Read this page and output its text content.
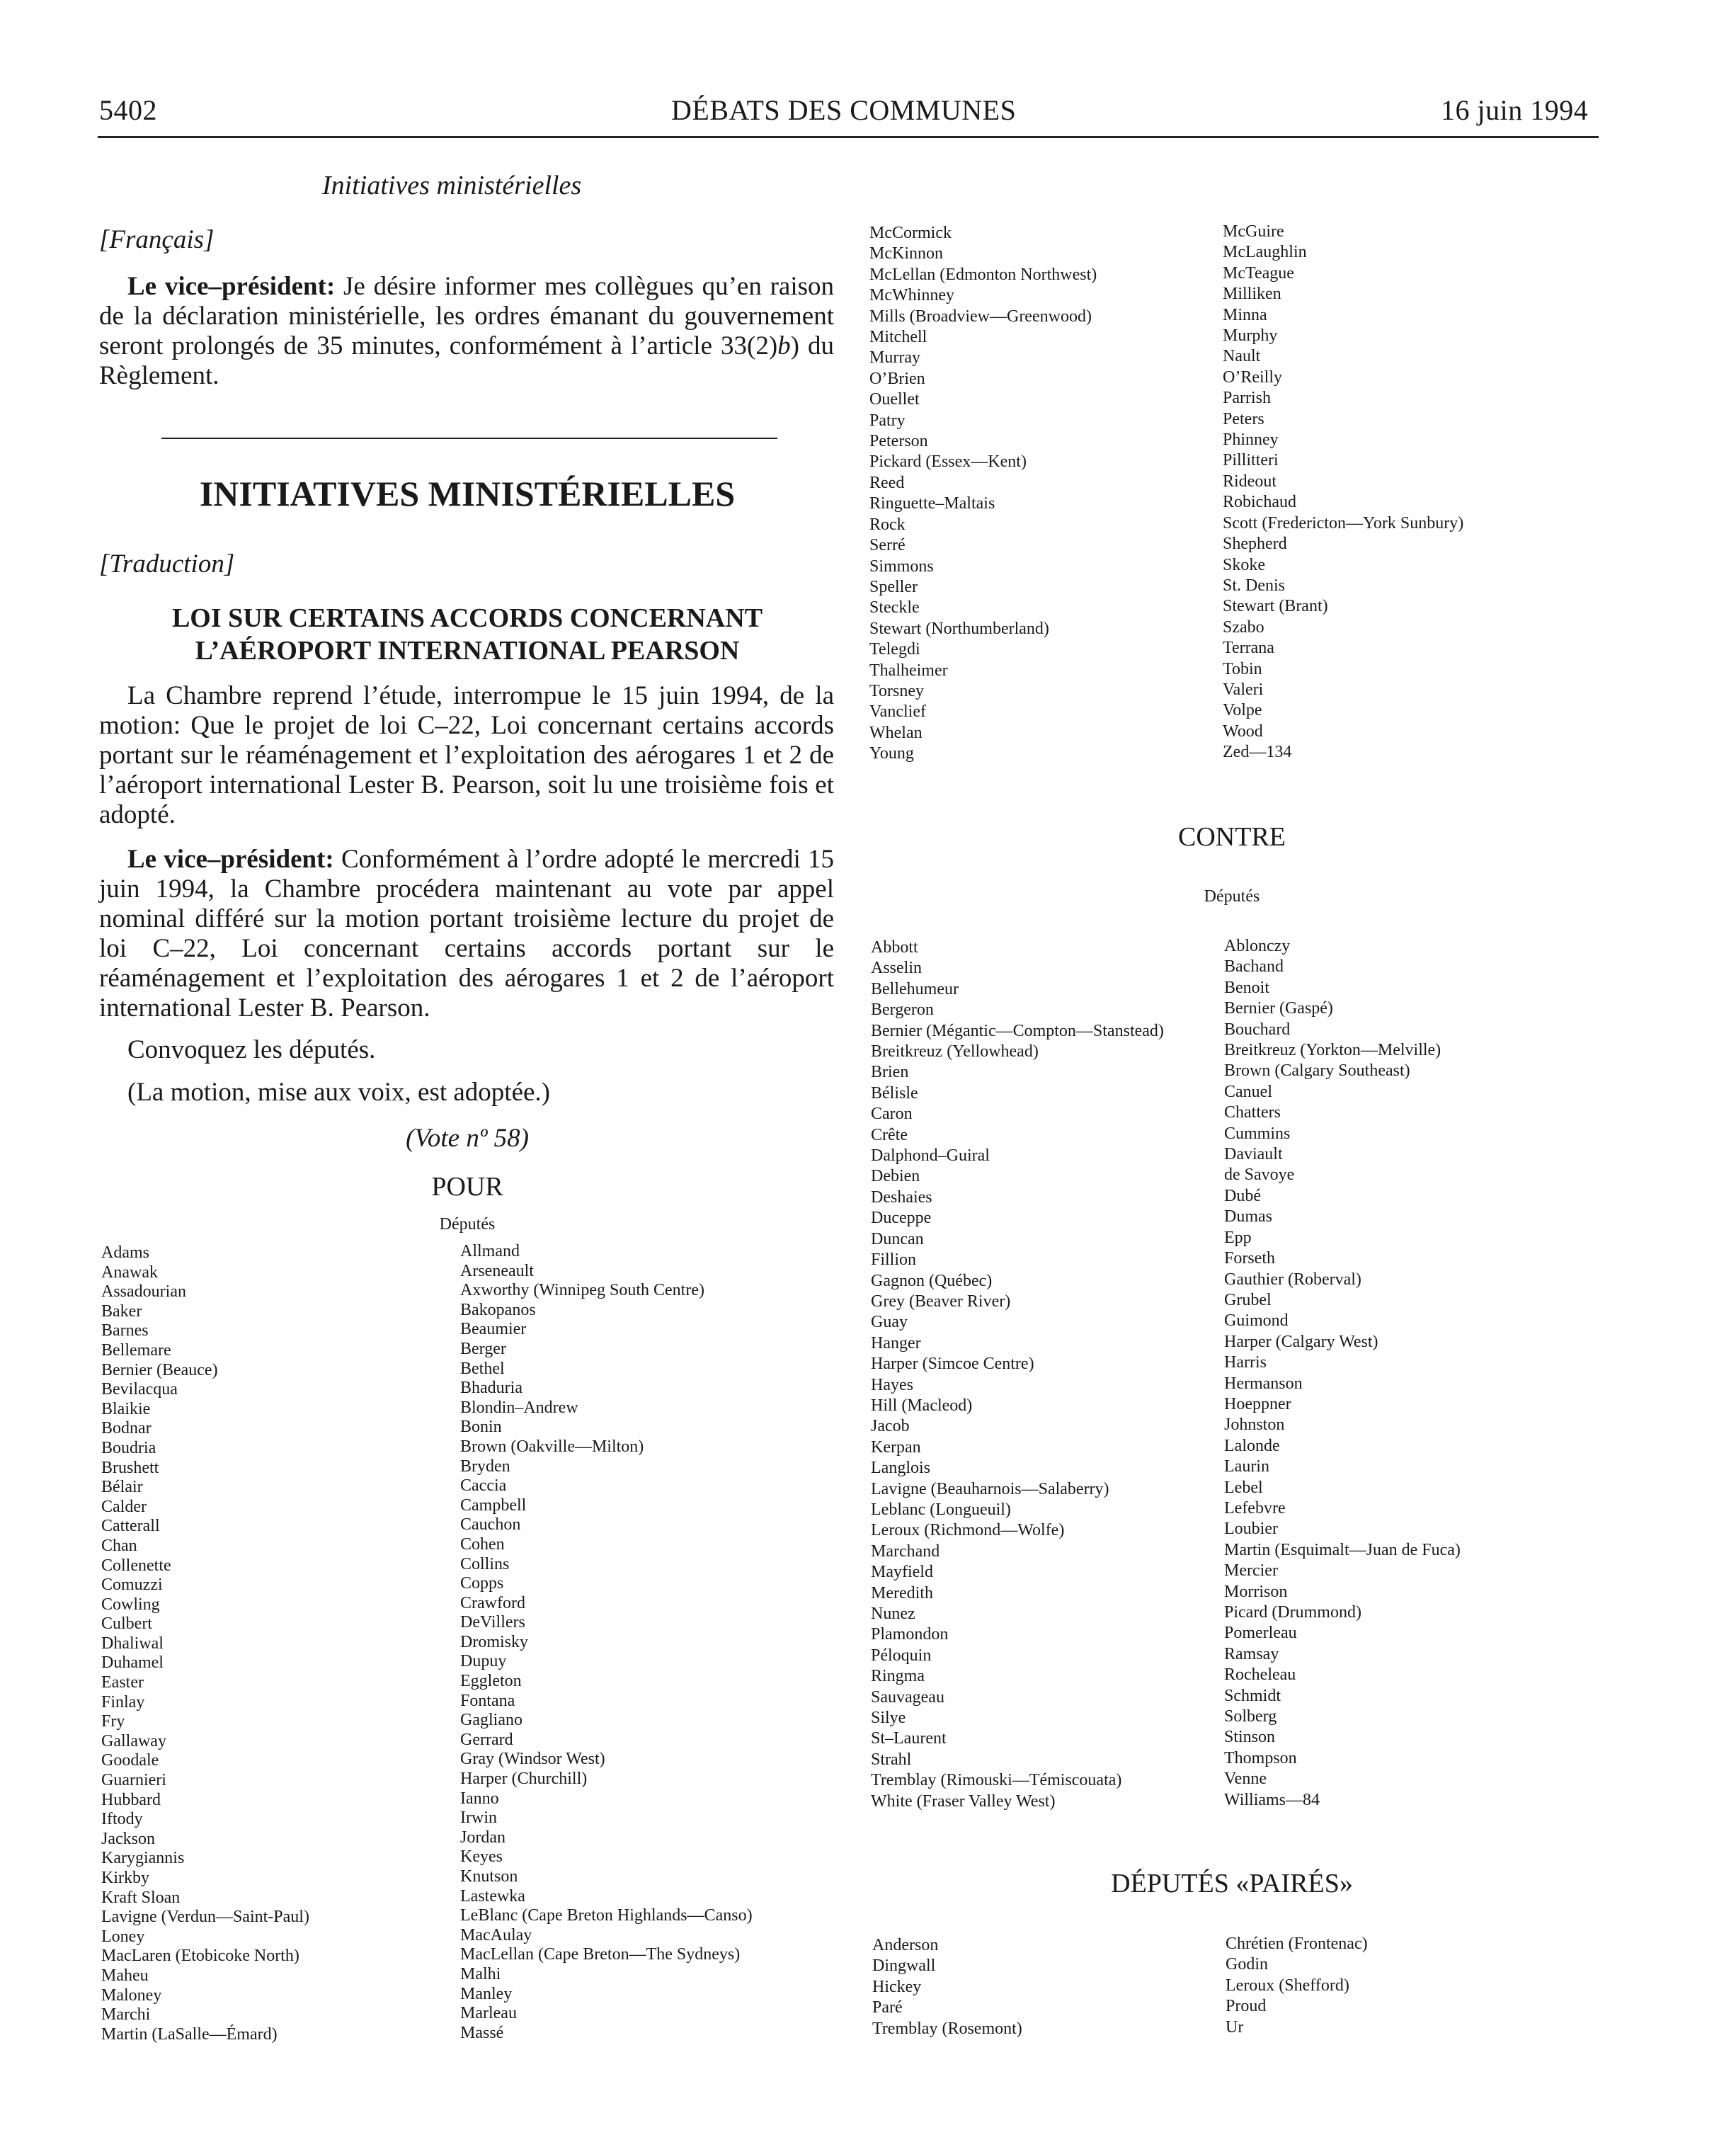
5402	DÉBATS DES COMMUNES	16 juin 1994
Initiatives ministérielles
[Français]
Le vice–président: Je désire informer mes collègues qu’en raison de la déclaration ministérielle, les ordres émanant du gouvernement seront prolongés de 35 minutes, conformément à l’article 33(2)b) du Règlement.
INITIATIVES MINISTÉRIELLES
[Traduction]
LOI SUR CERTAINS ACCORDS CONCERNANT
L’AÉROPORT INTERNATIONAL PEARSON
La Chambre reprend l’étude, interrompue le 15 juin 1994, de la motion: Que le projet de loi C–22, Loi concernant certains accords portant sur le réaménagement et l’exploitation des aérogares 1 et 2 de l’aéroport international Lester B. Pearson, soit lu une troisième fois et adopté.
Le vice–président: Conformément à l’ordre adopté le mercredi 15 juin 1994, la Chambre procédera maintenant au vote par appel nominal différé sur la motion portant troisième lecture du projet de loi C–22, Loi concernant certains accords portant sur le réaménagement et l’exploitation des aérogares 1 et 2 de l’aéroport international Lester B. Pearson.
Convoquez les députés.
(La motion, mise aux voix, est adoptée.)
(Vote nº 58)
POUR
Députés
Adams
Anawak
Assadourian
Baker
Barnes
Bellemare
Bernier (Beauce)
Bevilacqua
Blaikie
Bodnar
Boudria
Brushett
Bélair
Calder
Catterall
Chan
Collenette
Comuzzi
Cowling
Culbert
Dhaliwal
Duhamel
Easter
Finlay
Fry
Gallaway
Goodale
Guarnieri
Hubbard
Iftody
Jackson
Karygiannis
Kirkby
Kraft Sloan
Lavigne (Verdun—Saint-Paul)
Loney
MacLaren (Etobicoke North)
Maheu
Maloney
Marchi
Martin (LaSalle—Émard)
Allmand
Arseneault
Axworthy (Winnipeg South Centre)
Bakopanos
Beaumier
Berger
Bethel
Bhaduria
Blondin–Andrew
Bonin
Brown (Oakville—Milton)
Bryden
Caccia
Campbell
Cauchon
Cohen
Collins
Copps
Crawford
DeVillers
Dromisky
Dupuy
Eggleton
Fontana
Gagliano
Gerrard
Gray (Windsor West)
Harper (Churchill)
Ianno
Irwin
Jordan
Keyes
Knutson
Lastewka
LeBlanc (Cape Breton Highlands—Canso)
MacAulay
MacLellan (Cape Breton—The Sydneys)
Malhi
Manley
Marleau
Massé
McCormick
McKinnon
McLellan (Edmonton Northwest)
McWhinney
Mills (Broadview—Greenwood)
Mitchell
Murray
O’Brien
Ouellet
Patry
Peterson
Pickard (Essex—Kent)
Reed
Ringuette–Maltais
Rock
Serré
Simmons
Speller
Steckle
Stewart (Northumberland)
Telegdi
Thalheimer
Torsney
Vanclief
Whelan
Young
McGuire
McLaughlin
McTeague
Milliken
Minna
Murphy
Nault
O’Reilly
Parrish
Peters
Phinney
Pillitteri
Rideout
Robichaud
Scott (Fredericton—York Sunbury)
Shepherd
Skoke
St. Denis
Stewart (Brant)
Szabo
Terrana
Tobin
Valeri
Volpe
Wood
Zed—134
CONTRE
Députés
Abbott
Asselin
Bellehumeur
Bergeron
Bernier (Mégantic—Compton—Stanstead)
Breitkreuz (Yellowhead)
Brien
Bélisle
Caron
Crête
Dalphond–Guiral
Debien
Deshaies
Duceppe
Duncan
Fillion
Gagnon (Québec)
Grey (Beaver River)
Guay
Hanger
Harper (Simcoe Centre)
Hayes
Hill (Macleod)
Jacob
Kerpan
Langlois
Lavigne (Beauharnois—Salaberry)
Leblanc (Longueuil)
Leroux (Richmond—Wolfe)
Marchand
Mayfield
Meredith
Nunez
Plamondon
Péloquin
Ringma
Sauvageau
Silye
St–Laurent
Strahl
Tremblay (Rimouski—Témiscouata)
White (Fraser Valley West)
Ablonczy
Bachand
Benoit
Bernier (Gaspé)
Bouchard
Breitkreuz (Yorkton—Melville)
Brown (Calgary Southeast)
Canuel
Chatters
Cummins
Daviault
de Savoye
Dubé
Dumas
Epp
Forseth
Gauthier (Roberval)
Grubel
Guimond
Harper (Calgary West)
Harris
Hermanson
Hoeppner
Johnston
Lalonde
Laurin
Lebel
Lefebvre
Loubier
Martin (Esquimalt—Juan de Fuca)
Mercier
Morrison
Picard (Drummond)
Pomerleau
Ramsay
Rocheleau
Schmidt
Solberg
Stinson
Thompson
Venne
Williams—84
DÉPUTÉS «PAIRÉS»
Anderson
Dingwall
Hickey
Paré
Tremblay (Rosemont)
Chrétien (Frontenac)
Godin
Leroux (Shefford)
Proud
Ur
